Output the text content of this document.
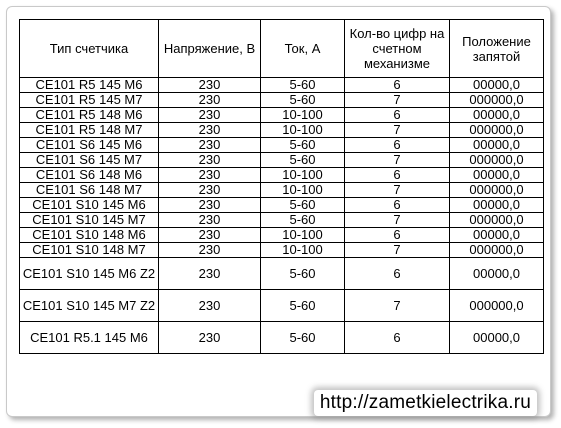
Тип счетчика	Напряжение, В	Ток, А	Кол-во цифр на счетном механизме	Положение запятой
CE101 R5 145 M6	230	5-60	6	00000,0
CE101 R5 145 M7	230	5-60	7	000000,0
CE101 R5 148 M6	230	10-100	6	00000,0
CE101 R5 148 M7	230	10-100	7	000000,0
CE101 S6 145 M6	230	5-60	6	00000,0
CE101 S6 145 M7	230	5-60	7	000000,0
CE101 S6 148 M6	230	10-100	6	00000,0
CE101 S6 148 M7	230	10-100	7	000000,0
CE101 S10 145 M6	230	5-60	6	00000,0
CE101 S10 145 M7	230	5-60	7	000000,0
CE101 S10 148 M6	230	10-100	6	00000,0
CE101 S10 148 M7	230	10-100	7	000000,0
CE101 S10 145 M6 Z2	230	5-60	6	00000,0
CE101 S10 145 M7 Z2	230	5-60	7	000000,0
CE101 R5.1 145 M6	230	5-60	6	00000,0
http://zametkielectrika.ru
